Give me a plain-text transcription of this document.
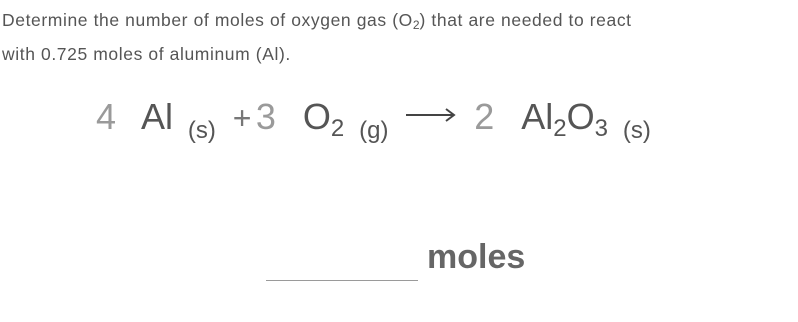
Determine the number of moles of oxygen gas $(O_2)$ that are needed to react
with 0.725 moles of aluminum (Al).
4 Al (s) + 3 O2 (g) → 2 Al2O3 (s)
moles
